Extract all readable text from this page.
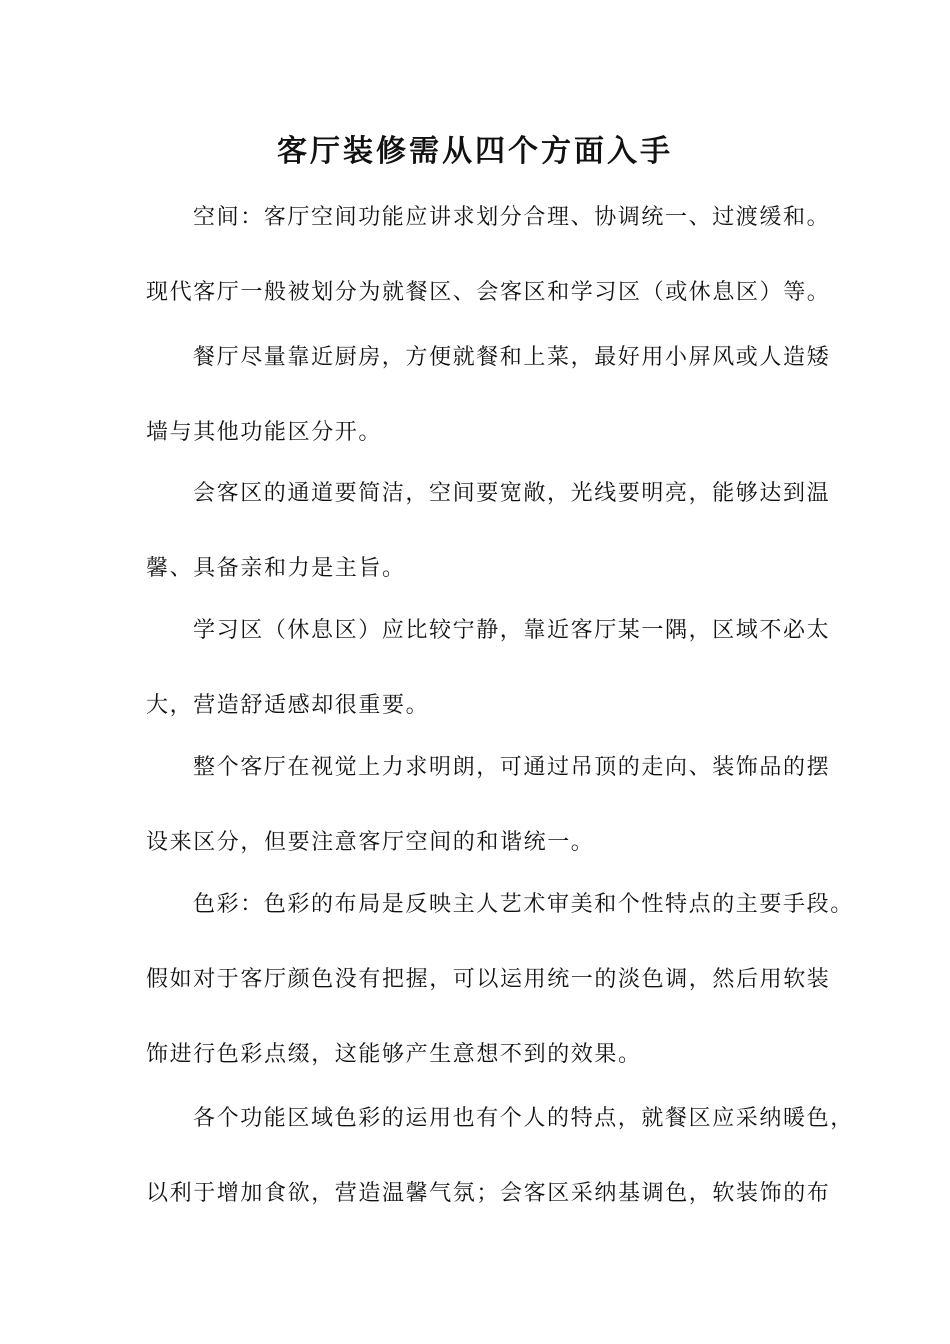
客厅装修需从四个方面入手
空间：客厅空间功能应讲求划分合理、协调统一、过渡缓和。
现代客厅一般被划分为就餐区、会客区和学习区（或休息区）等。
餐厅尽量靠近厨房，方便就餐和上菜，最好用小屏风或人造矮
墙与其他功能区分开。
会客区的通道要简洁，空间要宽敞，光线要明亮，能够达到温
馨、具备亲和力是主旨。
学习区（休息区）应比较宁静，靠近客厅某一隅，区域不必太
大，营造舒适感却很重要。
整个客厅在视觉上力求明朗，可通过吊顶的走向、装饰品的摆
设来区分，但要注意客厅空间的和谐统一。
色彩：色彩的布局是反映主人艺术审美和个性特点的主要手段。
假如对于客厅颜色没有把握，可以运用统一的淡色调，然后用软装
饰进行色彩点缀，这能够产生意想不到的效果。
各个功能区域色彩的运用也有个人的特点，就餐区应采纳暖色，
以利于增加食欲，营造温馨气氛；会客区采纳基调色，软装饰的布
